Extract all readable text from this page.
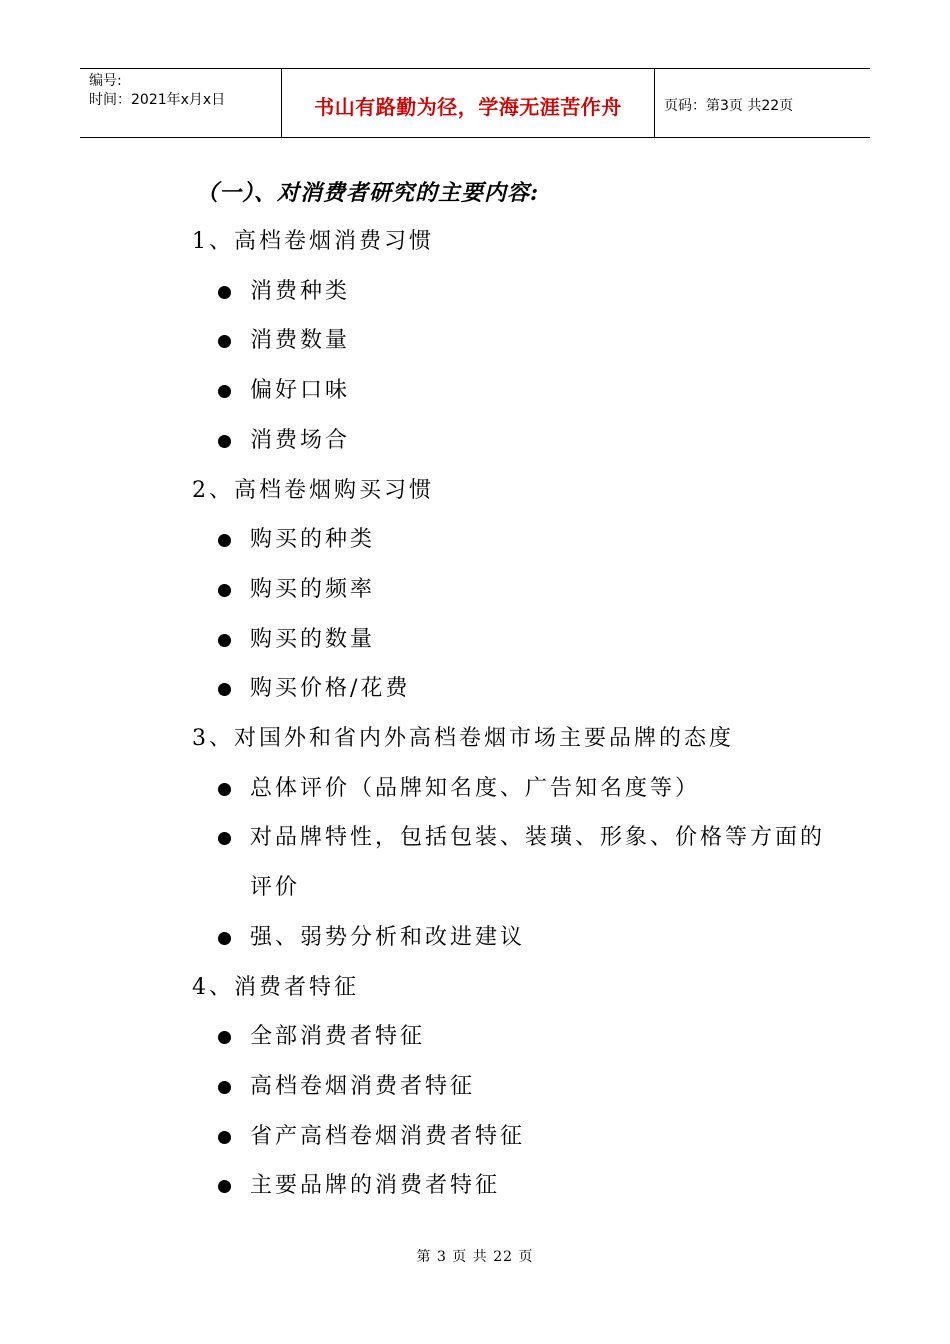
编号:
时间：2021年x月x日	书山有路勤为径，学海无涯苦作舟	页码：第3页 共22页
（一）、对消费者研究的主要内容:
1、高档卷烟消费习惯
消费种类
消费数量
偏好口味
消费场合
2、高档卷烟购买习惯
购买的种类
购买的频率
购买的数量
购买价格/花费
3、对国外和省内外高档卷烟市场主要品牌的态度
总体评价（品牌知名度、广告知名度等）
对品牌特性，包括包装、装璜、形象、价格等方面的
评价
强、弱势分析和改进建议
4、消费者特征
全部消费者特征
高档卷烟消费者特征
省产高档卷烟消费者特征
主要品牌的消费者特征
第 3 页 共 22 页
